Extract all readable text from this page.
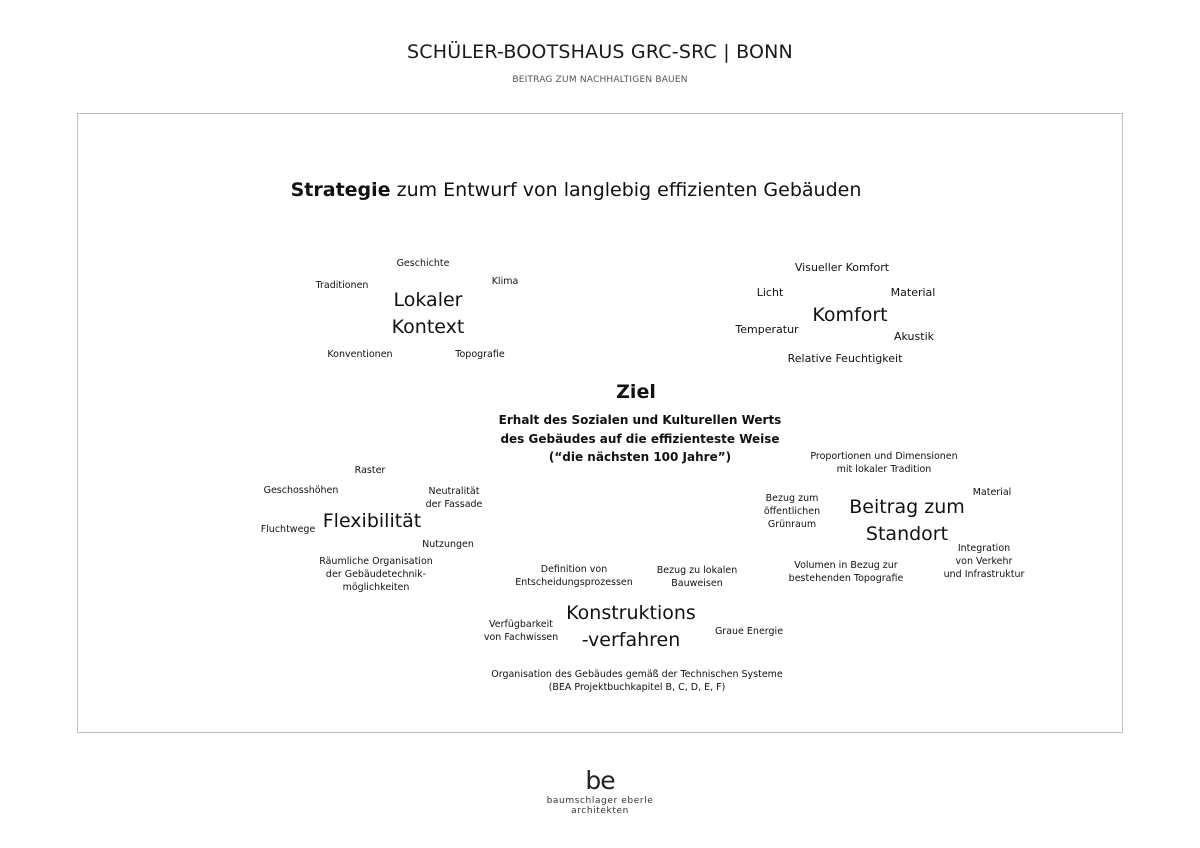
SCHÜLER-BOOTSHAUS GRC-SRC | BONN
BEITRAG ZUM NACHHALTIGEN BAUEN
Strategie zum Entwurf von langlebig effizienten Gebäuden
Geschichte
Traditionen	Klima
Lokaler
Kontext
Konventionen	Topografie
Visueller Komfort
Licht	Material
Komfort
Temperatur
Akustik
Relative Feuchtigkeit
Ziel
Erhalt des Sozialen und Kulturellen Werts
des Gebäudes auf die effizienteste Weise
(“die nächsten 100 Jahre”)
Raster
Geschosshöhen	Neutralität
der Fassade
Fluchtwege Flexibilität
Nutzungen
Räumliche Organisation
der Gebäudetechnik-
möglichkeiten
Proportionen und Dimensionen
mit lokaler Tradition
Bezug zum
öffentlichen
Grünraum
Material
Beitrag zum
Standort
Integration
von Verkehr
und Infrastruktur
Volumen in Bezug zur
bestehenden Topografie
Definition von
Entscheidungsprozessen
Bezug zu lokalen
Bauweisen
Konstruktions
-verfahren
Verfügbarkeit
von Fachwissen
Graue Energie
Organisation des Gebäudes gemäß der Technischen Systeme
(BEA Projektbuchkapitel B, C, D, E, F)
be
baumschlager eberle
architekten
